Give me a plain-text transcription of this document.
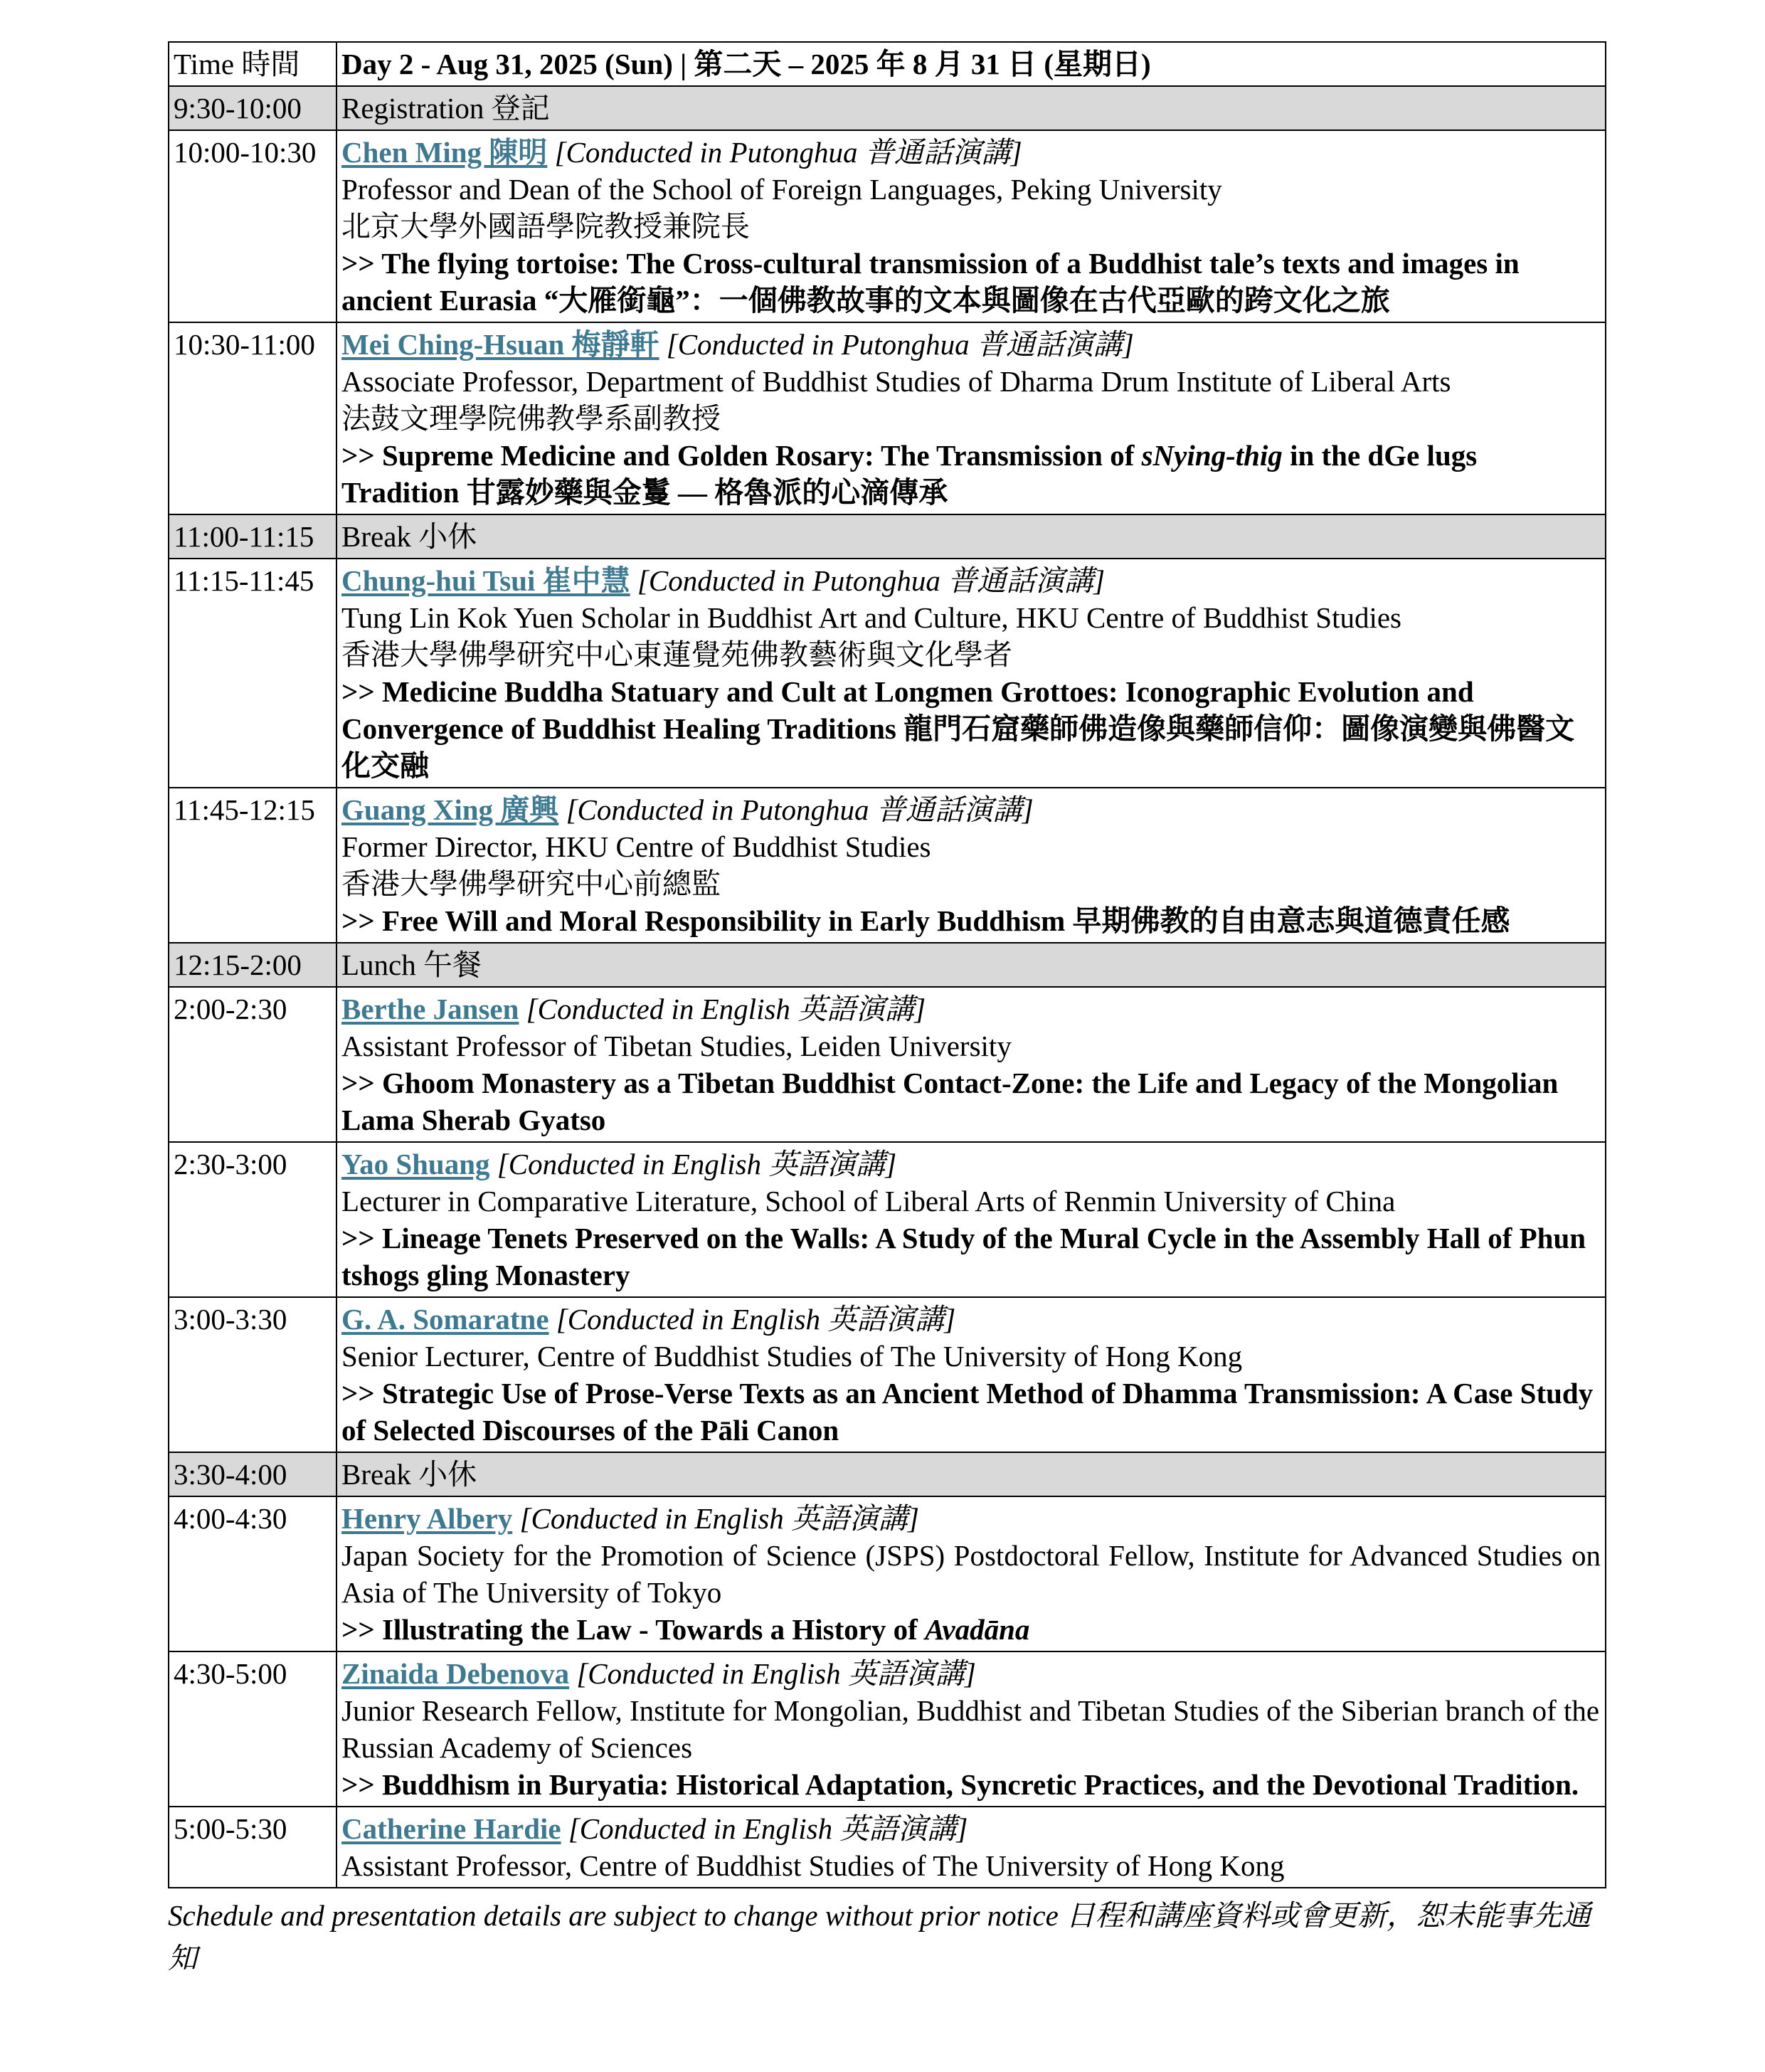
Time 時間	Day 2 - Aug 31, 2025 (Sun) | 第二天 – 2025 年 8 月 31 日 (星期日)
9:30-10:00	Registration 登記
10:00-10:30	Chen Ming 陳明 [Conducted in Putonghua 普通話演講]
Professor and Dean of the School of Foreign Languages, Peking University
北京大學外國語學院教授兼院長
>> The flying tortoise: The Cross-cultural transmission of a Buddhist tale’s texts and images in ancient Eurasia “大雁銜龜”：一個佛教故事的文本與圖像在古代亞歐的跨文化之旅

10:30-11:00	Mei Ching-Hsuan 梅靜軒 [Conducted in Putonghua 普通話演講]
Associate Professor, Department of Buddhist Studies of Dharma Drum Institute of Liberal Arts
法鼓文理學院佛教學系副教授
>> Supreme Medicine and Golden Rosary: The Transmission of sNying-thig in the dGe lugs Tradition 甘露妙藥與金鬘 — 格魯派的心滴傳承

11:00-11:15	Break 小休
11:15-11:45	Chung-hui Tsui 崔中慧 [Conducted in Putonghua 普通話演講]
Tung Lin Kok Yuen Scholar in Buddhist Art and Culture, HKU Centre of Buddhist Studies
香港大學佛學研究中心東蓮覺苑佛教藝術與文化學者
>> Medicine Buddha Statuary and Cult at Longmen Grottoes: Iconographic Evolution and Convergence of Buddhist Healing Traditions 龍門石窟藥師佛造像與藥師信仰：圖像演變與佛醫文化交融

11:45-12:15	Guang Xing 廣興 [Conducted in Putonghua 普通話演講]
Former Director, HKU Centre of Buddhist Studies
香港大學佛學研究中心前總監
>> Free Will and Moral Responsibility in Early Buddhism 早期佛教的自由意志與道德責任感

12:15-2:00	Lunch 午餐
2:00-2:30	Berthe Jansen [Conducted in English 英語演講]
Assistant Professor of Tibetan Studies, Leiden University
>> Ghoom Monastery as a Tibetan Buddhist Contact-Zone: the Life and Legacy of the Mongolian Lama Sherab Gyatso

2:30-3:00	Yao Shuang [Conducted in English 英語演講]
Lecturer in Comparative Literature, School of Liberal Arts of Renmin University of China
>> Lineage Tenets Preserved on the Walls: A Study of the Mural Cycle in the Assembly Hall of Phun tshogs gling Monastery

3:00-3:30	G. A. Somaratne [Conducted in English 英語演講]
Senior Lecturer, Centre of Buddhist Studies of The University of Hong Kong
>> Strategic Use of Prose-Verse Texts as an Ancient Method of Dhamma Transmission: A Case Study of Selected Discourses of the Pāli Canon

3:30-4:00	Break 小休
4:00-4:30	Henry Albery [Conducted in English 英語演講]
Japan Society for the Promotion of Science (JSPS) Postdoctoral Fellow, Institute for Advanced Studies on Asia of The University of Tokyo
>> Illustrating the Law - Towards a History of Avadāna

4:30-5:00	Zinaida Debenova [Conducted in English 英語演講]
Junior Research Fellow, Institute for Mongolian, Buddhist and Tibetan Studies of the Siberian branch of the Russian Academy of Sciences
>> Buddhism in Buryatia: Historical Adaptation, Syncretic Practices, and the Devotional Tradition.

5:00-5:30	Catherine Hardie [Conducted in English 英語演講]
Assistant Professor, Centre of Buddhist Studies of The University of Hong Kong
Schedule and presentation details are subject to change without prior notice 日程和講座資料或會更新，恕未能事先通知
